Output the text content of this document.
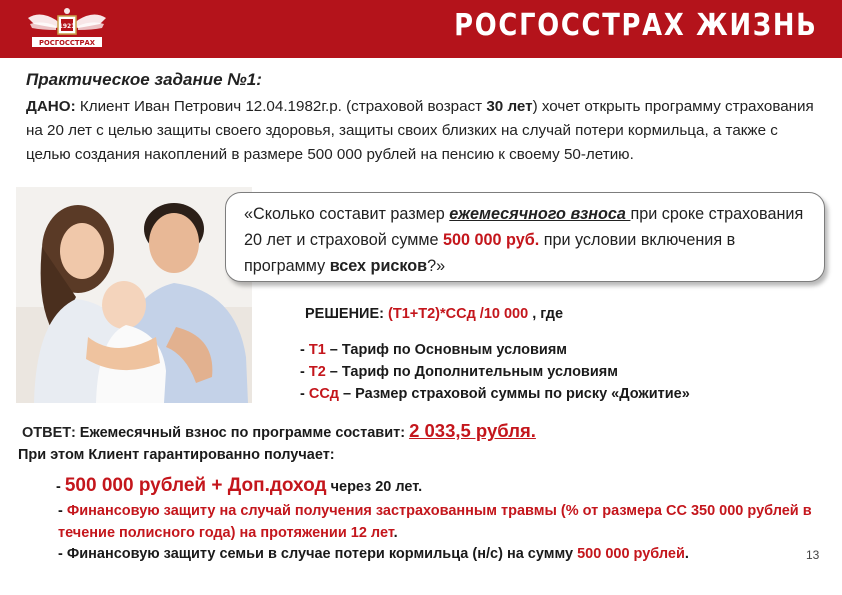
1921
РОСГОССТРАХ	РОСГОССТРАХ ЖИЗНЬ
Практическое задание №1:
ДАНО: Клиент Иван Петрович 12.04.1982г.р. (страховой возраст 30 лет) хочет открыть программу страхования на 20 лет с целью защиты своего здоровья, защиты своих близких на случай потери кормильца, а также с целью создания накоплений в размере 500 000 рублей на пенсию к своему 50-летию.
«Сколько составит размер ежемесячного взноса при сроке страхования 20 лет и страховой сумме 500 000 руб. при условии включения в программу всех рисков?»
РЕШЕНИЕ: (Т1+Т2)*ССд /10 000 , где
- Т1 – Тариф по Основным условиям
- Т2 – Тариф по Дополнительным условиям
- ССд – Размер страховой суммы по риску «Дожитие»
ОТВЕТ: Ежемесячный взнос по программе составит: 2 033,5 рубля.
При этом Клиент гарантированно получает:
- 500 000 рублей + Доп.доход через 20 лет.
- Финансовую защиту на случай получения застрахованным травмы (% от размера СС 350 000 рублей в течение полисного года) на протяжении 12 лет.
- Финансовую защиту семьи в случае потери кормильца (н/с) на сумму 500 000 рублей.	13
